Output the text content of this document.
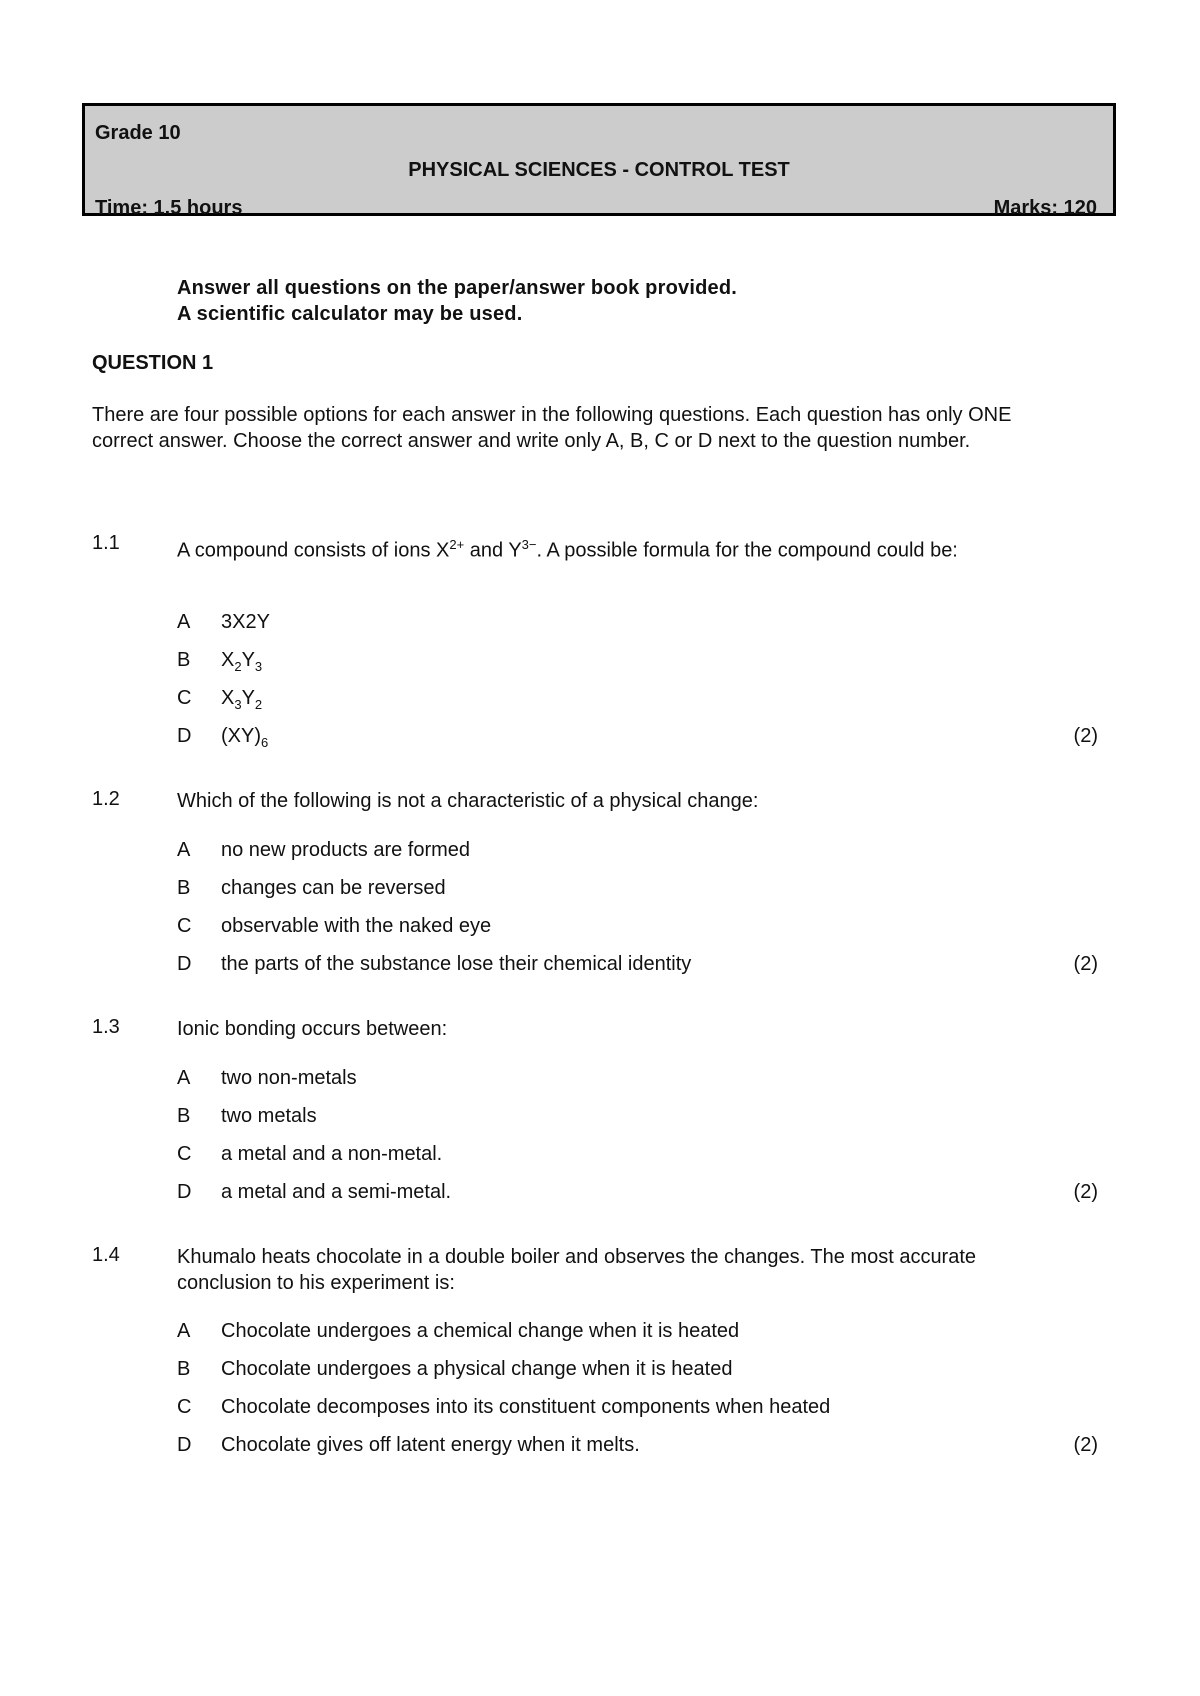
Grade 10
PHYSICAL SCIENCES - CONTROL TEST
Time: 1.5 hours	Marks: 120
Answer all questions on the paper/answer book provided.
A scientific calculator may be used.
QUESTION 1
There are four possible options for each answer in the following questions. Each question has only ONE correct answer. Choose the correct answer and write only A, B, C or D next to the question number.
1.1	A compound consists of ions $X^{2+}$ and $Y^{3-}$. A possible formula for the compound could be:
A 3X2Y
B $X_2Y_3$
C $X_3Y_2$
D $(XY)_6$	(2)
1.2	Which of the following is not a characteristic of a physical change:
A no new products are formed
B changes can be reversed
C observable with the naked eye
D the parts of the substance lose their chemical identity	(2)
1.3	Ionic bonding occurs between:
A two non-metals
B two metals
C a metal and a non-metal.
D a metal and a semi-metal.	(2)
1.4	Khumalo heats chocolate in a double boiler and observes the changes. The most accurate conclusion to his experiment is:
A Chocolate undergoes a chemical change when it is heated
B Chocolate undergoes a physical change when it is heated
C Chocolate decomposes into its constituent components when heated
D Chocolate gives off latent energy when it melts.	(2)
